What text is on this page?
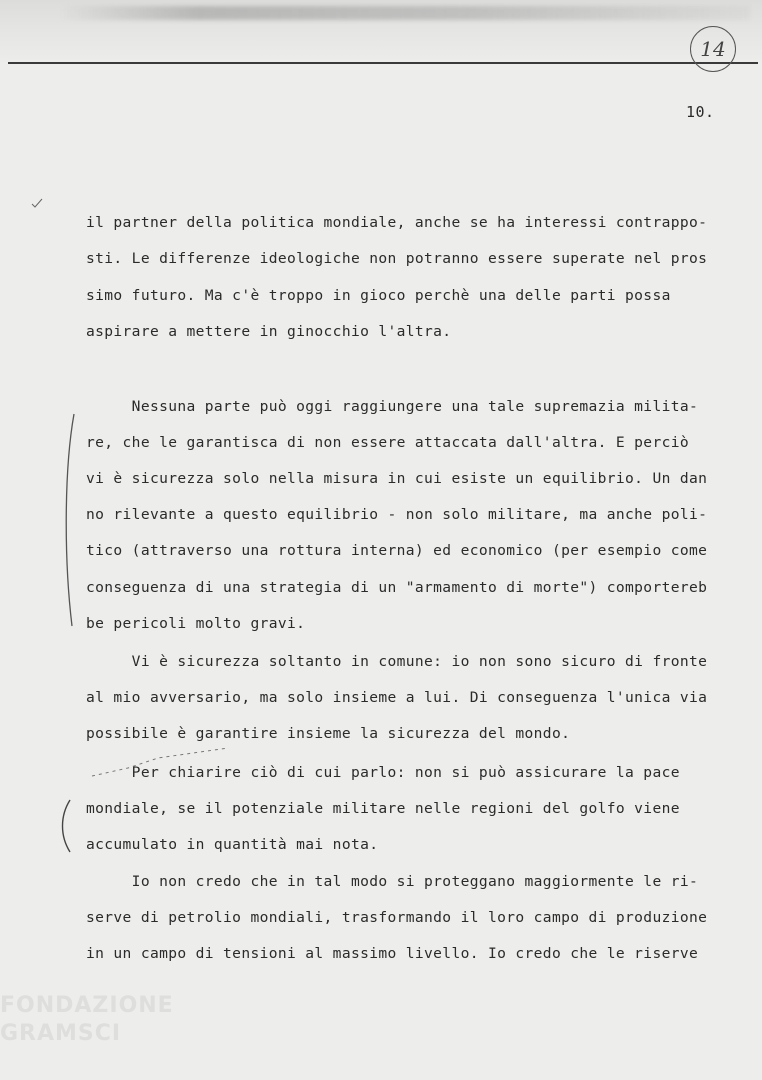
14
10.
il partner della politica mondiale, anche se ha interessi contrappo-
sti. Le differenze ideologiche non potranno essere superate nel pros
simo futuro. Ma c'è troppo in gioco perchè una delle parti possa
aspirare a mettere in ginocchio l'altra.
Nessuna parte può oggi raggiungere una tale supremazia milita-
re, che le garantisca di non essere attaccata dall'altra. E perciò
vi è sicurezza solo nella misura in cui esiste un equilibrio. Un dan
no rilevante a questo equilibrio - non solo militare, ma anche poli-
tico (attraverso una rottura interna) ed economico (per esempio come
conseguenza di una strategia di un "armamento di morte") comportereb
be pericoli molto gravi.
Vi è sicurezza soltanto in comune: io non sono sicuro di fronte
al mio avversario, ma solo insieme a lui. Di conseguenza l'unica via
possibile è garantire insieme la sicurezza del mondo.
Per chiarire ciò di cui parlo: non si può assicurare la pace
mondiale, se il potenziale militare nelle regioni del golfo viene
accumulato in quantità mai nota.
Io non credo che in tal modo si proteggano maggiormente le ri-
serve di petrolio mondiali, trasformando il loro campo di produzione
in un campo di tensioni al massimo livello. Io credo che le riserve
FONDAZIONE
GRAMSCI
